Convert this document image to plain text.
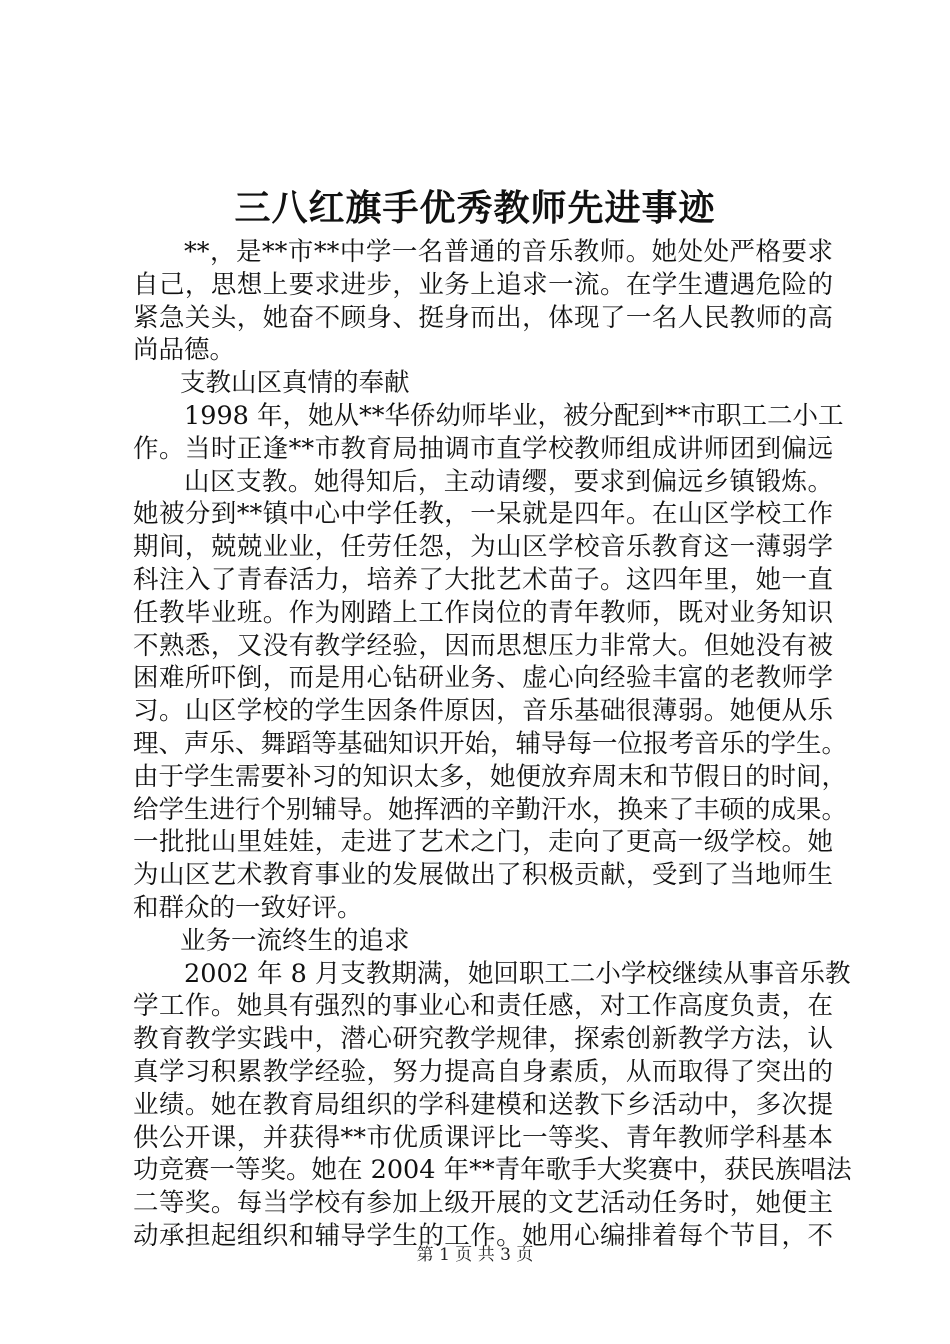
三八红旗手优秀教师先进事迹
**，是**市**中学一名普通的音乐教师。她处处严格要求
自己，思想上要求进步，业务上追求一流。在学生遭遇危险的
紧急关头，她奋不顾身、挺身而出，体现了一名人民教师的高
尚品德。
支教山区真情的奉献
1998 年，她从**华侨幼师毕业，被分配到**市职工二小工
作。当时正逢**市教育局抽调市直学校教师组成讲师团到偏远
山区支教。她得知后，主动请缨，要求到偏远乡镇锻炼。
她被分到**镇中心中学任教，一呆就是四年。在山区学校工作
期间，兢兢业业，任劳任怨，为山区学校音乐教育这一薄弱学
科注入了青春活力，培养了大批艺术苗子。这四年里，她一直
任教毕业班。作为刚踏上工作岗位的青年教师，既对业务知识
不熟悉，又没有教学经验，因而思想压力非常大。但她没有被
困难所吓倒，而是用心钻研业务、虚心向经验丰富的老教师学
习。山区学校的学生因条件原因，音乐基础很薄弱。她便从乐
理、声乐、舞蹈等基础知识开始，辅导每一位报考音乐的学生。
由于学生需要补习的知识太多，她便放弃周末和节假日的时间，
给学生进行个别辅导。她挥洒的辛勤汗水，换来了丰硕的成果。
一批批山里娃娃，走进了艺术之门，走向了更高一级学校。她
为山区艺术教育事业的发展做出了积极贡献，受到了当地师生
和群众的一致好评。
业务一流终生的追求
2002 年 8 月支教期满，她回职工二小学校继续从事音乐教
学工作。她具有强烈的事业心和责任感，对工作高度负责，在
教育教学实践中，潜心研究教学规律，探索创新教学方法，认
真学习积累教学经验，努力提高自身素质，从而取得了突出的
业绩。她在教育局组织的学科建模和送教下乡活动中，多次提
供公开课，并获得**市优质课评比一等奖、青年教师学科基本
功竞赛一等奖。她在 2004 年**青年歌手大奖赛中，获民族唱法
二等奖。每当学校有参加上级开展的文艺活动任务时，她便主
动承担起组织和辅导学生的工作。她用心编排着每个节目，不
第 1 页 共 3 页
